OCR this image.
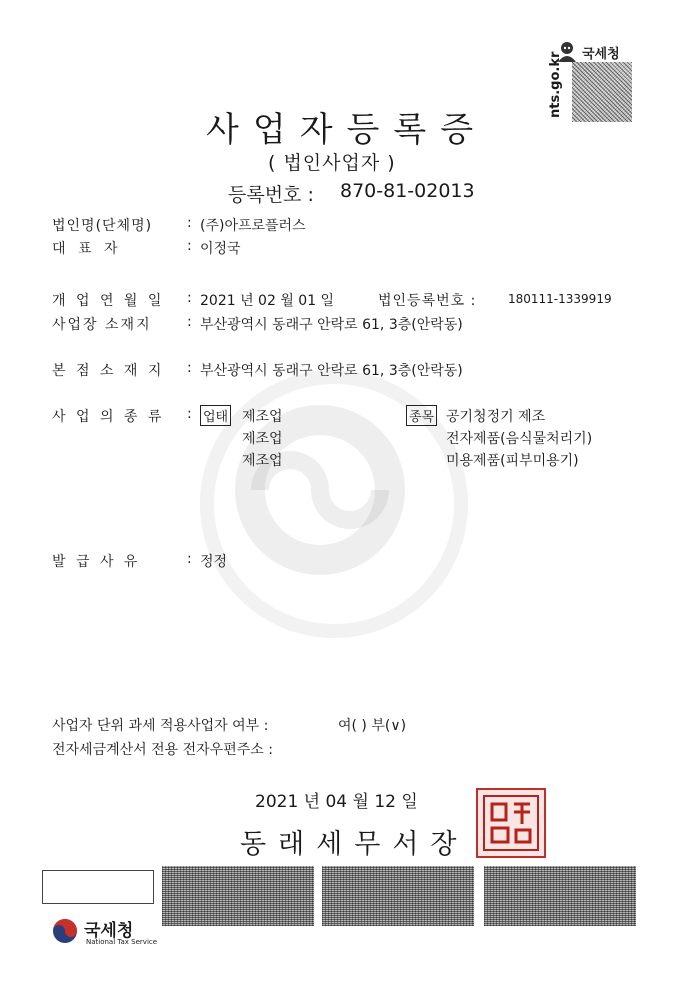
국세청
nts.go.kr
사업자등록증
( 법인사업자 )
등록번호 : 870-81-02013
법인명(단체명) : (주)아프로플러스
대 표 자	: 이정국
개 업 연 월 일 : 2021 년 02 월 01 일	법인등록번호 :	180111-1339919
사업장 소재지	: 부산광역시 동래구 안락로 61, 3층(안락동)
본 점 소 재 지 : 부산광역시 동래구 안락로 61, 3층(안락동)
사 업 의 종 류 : 업태	종목
제조업	공기청정기 제조
제조업	전자제품(음식물처리기)
제조업	미용제품(피부미용기)
발 급 사 유	: 정정
사업자 단위 과세 적용사업자 여부 :	여( ) 부(∨)
전자세금계산서 전용 전자우편주소 :
2021 년 04 월 12 일
동래세무서장
국세청
National Tax Service
